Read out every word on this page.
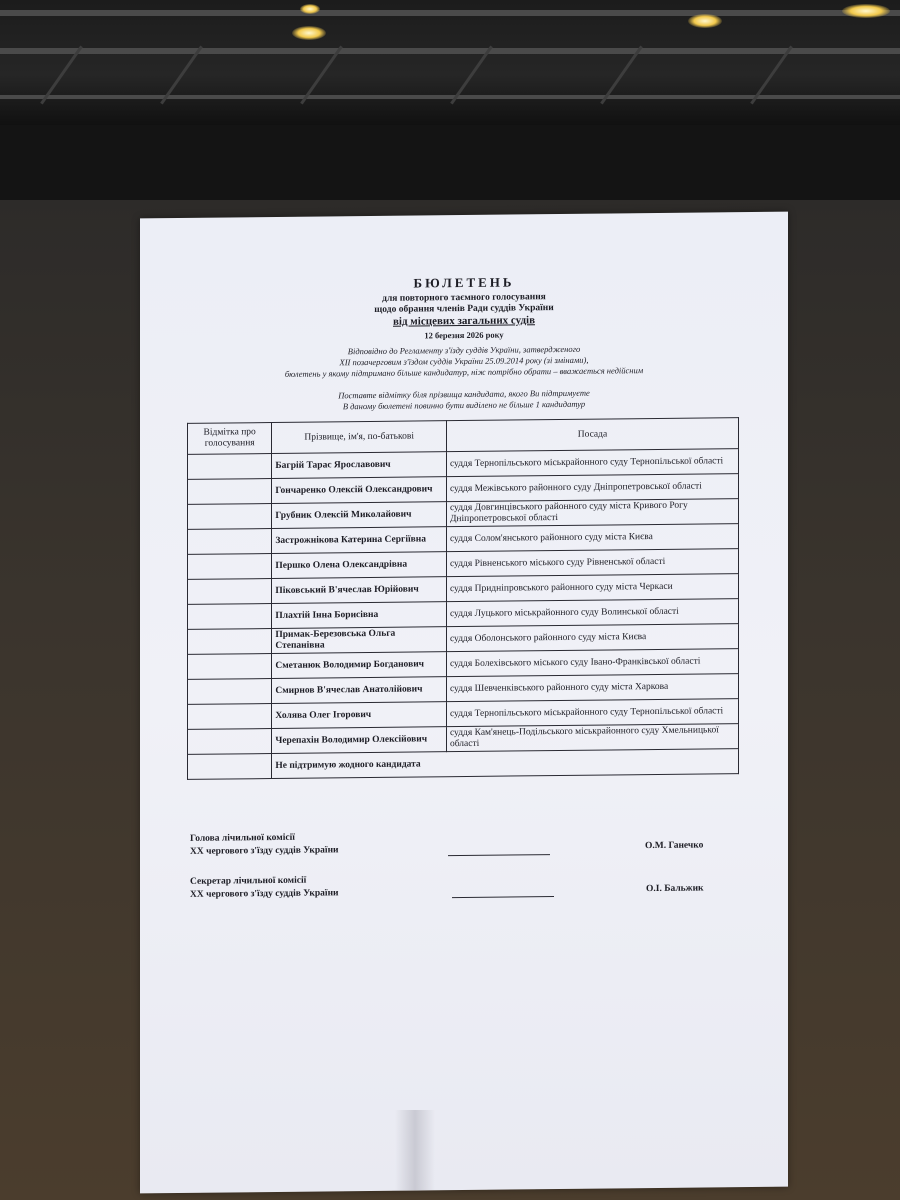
БЮЛЕТЕНЬ
для повторного таємного голосування
щодо обрання членів Ради суддів України
від місцевих загальних судів
12 березня 2026 року
Відповідно до Регламенту з'їзду суддів України, затвердженого
XII позачерговим з'їздом суддів України 25.09.2014 року (зі змінами),
бюлетень у якому підтримано більше кандидатур, ніж потрібно обрати – вважається недійсним
Поставте відмітку біля прізвища кандидата, якого Ви підтримуєте
В даному бюлетені повинно бути виділено не більше 1 кандидатур
Відмітка про голосування	Прізвище, ім'я, по-батькові	Посада
	Багрій Тарас Ярославович	суддя Тернопільського міськрайонного суду Тернопільської області
	Гончаренко Олексій Олександрович	суддя Межівського районного суду Дніпропетровської області
	Грубник Олексій Миколайович	суддя Довгинцівського районного суду міста Кривого Рогу Дніпропетровської області
	Застрожнікова Катерина Сергіївна	суддя Солом'янського районного суду міста Києва
	Першко Олена Олександрівна	суддя Рівненського міського суду Рівненської області
	Піковський В'ячеслав Юрійович	суддя Придніпровського районного суду міста Черкаси
	Плахтій Інна Борисівна	суддя Луцького міськрайонного суду Волинської області
	Примак-Березовська Ольга Степанівна	суддя Оболонського районного суду міста Києва
	Сметанюк Володимир Богданович	суддя Болехівського міського суду Івано-Франківської області
	Смирнов В'ячеслав Анатолійович	суддя Шевченківського районного суду міста Харкова
	Холява Олег Ігорович	суддя Тернопільського міськрайонного суду Тернопільської області
	Черепахін Володимир Олексійович	суддя Кам'янець-Подільського міськрайонного суду Хмельницької області
	Не підтримую жодного кандидата	
Голова лічильної комісії
XX чергового з'їзду суддів України	О.М. Ганечко
Секретар лічильної комісії
XX чергового з'їзду суддів України	О.І. Бальжик
